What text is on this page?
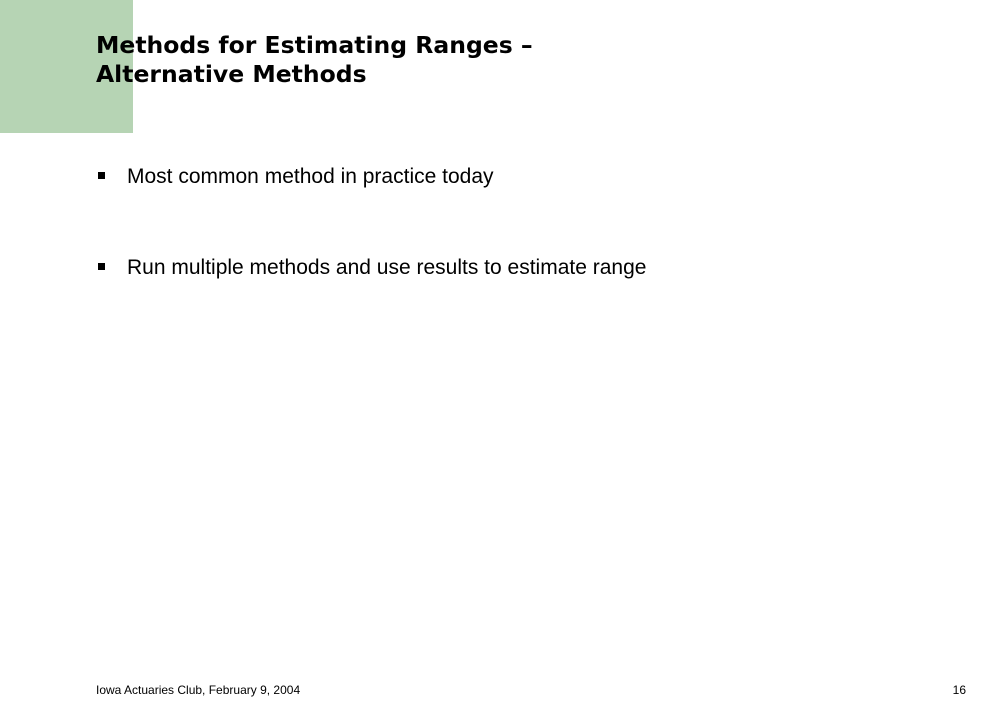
Methods for Estimating Ranges –
Alternative Methods
Most common method in practice today
Run multiple methods and use results to estimate range
Iowa Actuaries Club, February 9, 2004	16
